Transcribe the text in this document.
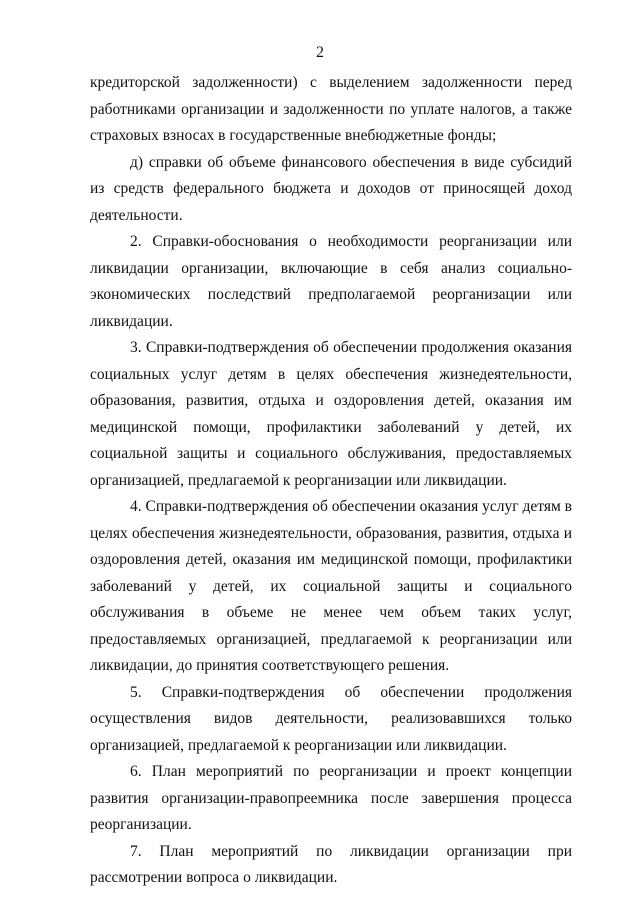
2

кредиторской задолженности) с выделением задолженности перед работниками организации и задолженности по уплате налогов, а также страховых взносах в государственные внебюджетные фонды;

д) справки об объеме финансового обеспечения в виде субсидий из средств федерального бюджета и доходов от приносящей доход деятельности.

2. Справки-обоснования о необходимости реорганизации или ликвидации организации, включающие в себя анализ социально-экономических последствий предполагаемой реорганизации или ликвидации.

3. Справки-подтверждения об обеспечении продолжения оказания социальных услуг детям в целях обеспечения жизнедеятельности, образования, развития, отдыха и оздоровления детей, оказания им медицинской помощи, профилактики заболеваний у детей, их социальной защиты и социального обслуживания, предоставляемых организацией, предлагаемой к реорганизации или ликвидации.

4. Справки-подтверждения об обеспечении оказания услуг детям в целях обеспечения жизнедеятельности, образования, развития, отдыха и оздоровления детей, оказания им медицинской помощи, профилактики заболеваний у детей, их социальной защиты и социального обслуживания в объеме не менее чем объем таких услуг, предоставляемых организацией, предлагаемой к реорганизации или ликвидации, до принятия соответствующего решения.

5. Справки-подтверждения об обеспечении продолжения осуществления видов деятельности, реализовавшихся только организацией, предлагаемой к реорганизации или ликвидации.

6. План мероприятий по реорганизации и проект концепции развития организации-правопреемника после завершения процесса реорганизации.

7. План мероприятий по ликвидации организации при рассмотрении вопроса о ликвидации.
